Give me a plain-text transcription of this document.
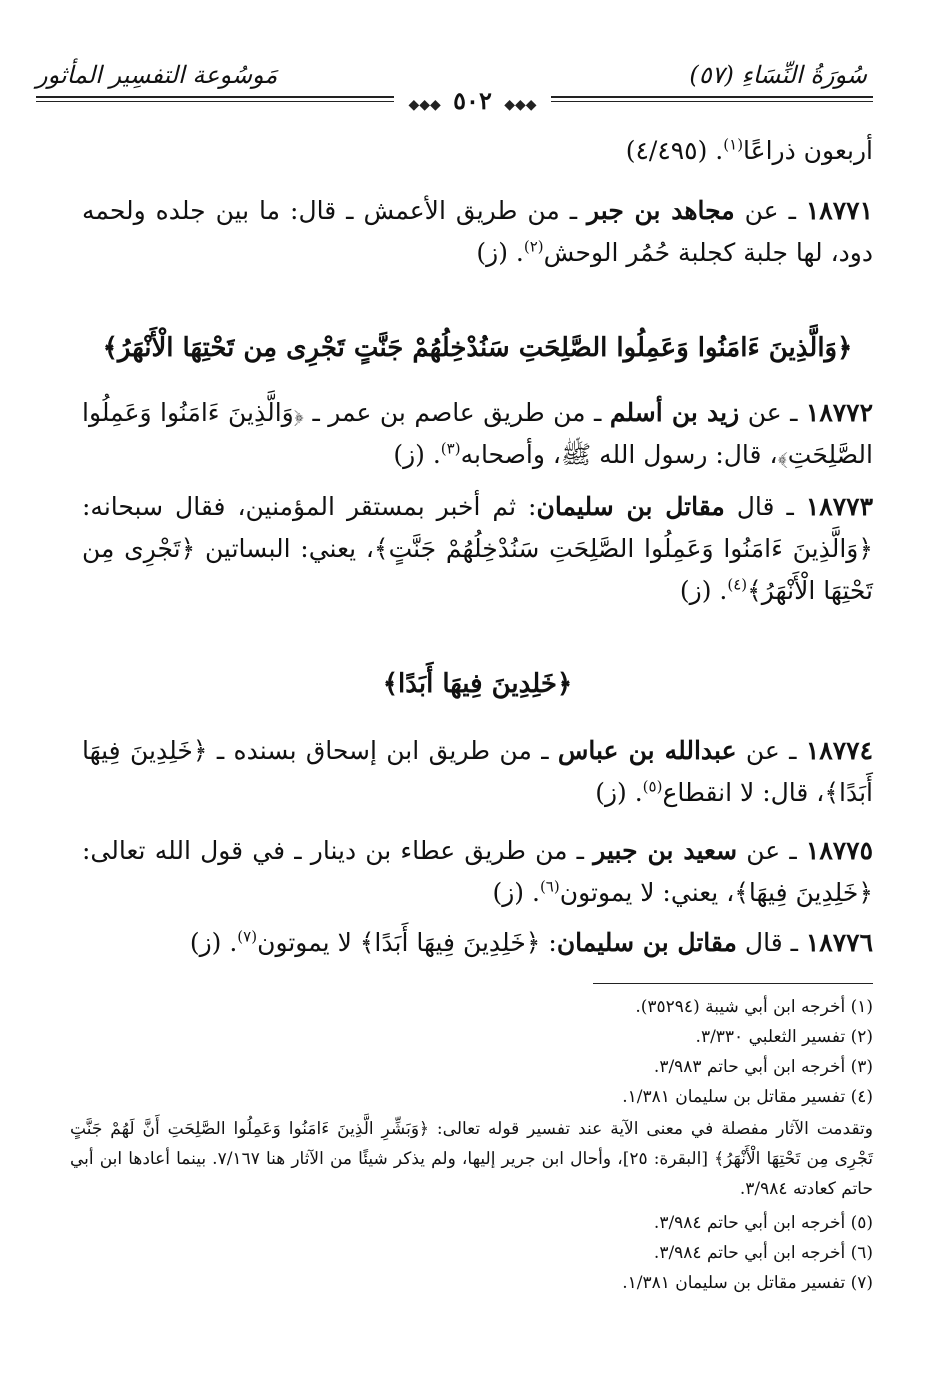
مَوسُوعة التفسِير المأثور	سُورَةُ النِّسَاءِ (٥٧)
◆◆◆ ٥٠٢ ◆◆◆
أربعون ذراعًا$^{(١)}$. (٤/٤٩٥)
١٨٧٧١ ـ عن مجاهد بن جبر ـ من طريق الأعمش ـ قال: ما بين جلده ولحمه دود، لها جلبة كجلبة حُمُر الوحش$^{(٢)}$. (ز)
﴿وَالَّذِينَ ءَامَنُوا وَعَمِلُوا الصَّلِحَتِ سَنُدْخِلُهُمْ جَنَّتٍ تَجْرِى مِن تَحْتِهَا الْأَنْهَرُ﴾
١٨٧٧٢ ـ عن زيد بن أسلم ـ من طريق عاصم بن عمر ـ ﴿وَالَّذِينَ ءَامَنُوا وَعَمِلُوا الصَّلِحَتِ﴾، قال: رسول الله ﷺ، وأصحابه$^{(٣)}$. (ز)
١٨٧٧٣ ـ قال مقاتل بن سليمان: ثم أخبر بمستقر المؤمنين، فقال سبحانه: ﴿وَالَّذِينَ ءَامَنُوا وَعَمِلُوا الصَّلِحَتِ سَنُدْخِلُهُمْ جَنَّتٍ﴾، يعني: البساتين ﴿تَجْرِى مِن تَحْتِهَا الْأَنْهَرُ﴾$^{(٤)}$. (ز)
﴿خَلِدِينَ فِيهَا أَبَدًا﴾
١٨٧٧٤ ـ عن عبدالله بن عباس ـ من طريق ابن إسحاق بسنده ـ ﴿خَلِدِينَ فِيهَا أَبَدًا﴾، قال: لا انقطاع$^{(٥)}$. (ز)
١٨٧٧٥ ـ عن سعيد بن جبير ـ من طريق عطاء بن دينار ـ في قول الله تعالى: ﴿خَلِدِينَ فِيهَا﴾، يعني: لا يموتون$^{(٦)}$. (ز)
١٨٧٧٦ ـ قال مقاتل بن سليمان: ﴿خَلِدِينَ فِيهَا أَبَدًا﴾ لا يموتون$^{(٧)}$. (ز)
(١) أخرجه ابن أبي شيبة (٣٥٢٩٤).
(٢) تفسير الثعلبي ٣/٣٣٠.
(٣) أخرجه ابن أبي حاتم ٣/٩٨٣.
(٤) تفسير مقاتل بن سليمان ١/٣٨١.
وتقدمت الآثار مفصلة في معنى الآية عند تفسير قوله تعالى: ﴿وَبَشِّرِ الَّذِينَ ءَامَنُوا وَعَمِلُوا الصَّلِحَتِ أَنَّ لَهُمْ جَنَّتٍ تَجْرِى مِن تَحْتِهَا الْأَنْهَرُ﴾ [البقرة: ٢٥]، وأحال ابن جرير إليها، ولم يذكر شيئًا من الآثار هنا ٧/١٦٧. بينما أعادها ابن أبي حاتم كعادته ٣/٩٨٤.
(٥) أخرجه ابن أبي حاتم ٣/٩٨٤.
(٦) أخرجه ابن أبي حاتم ٣/٩٨٤.
(٧) تفسير مقاتل بن سليمان ١/٣٨١.
